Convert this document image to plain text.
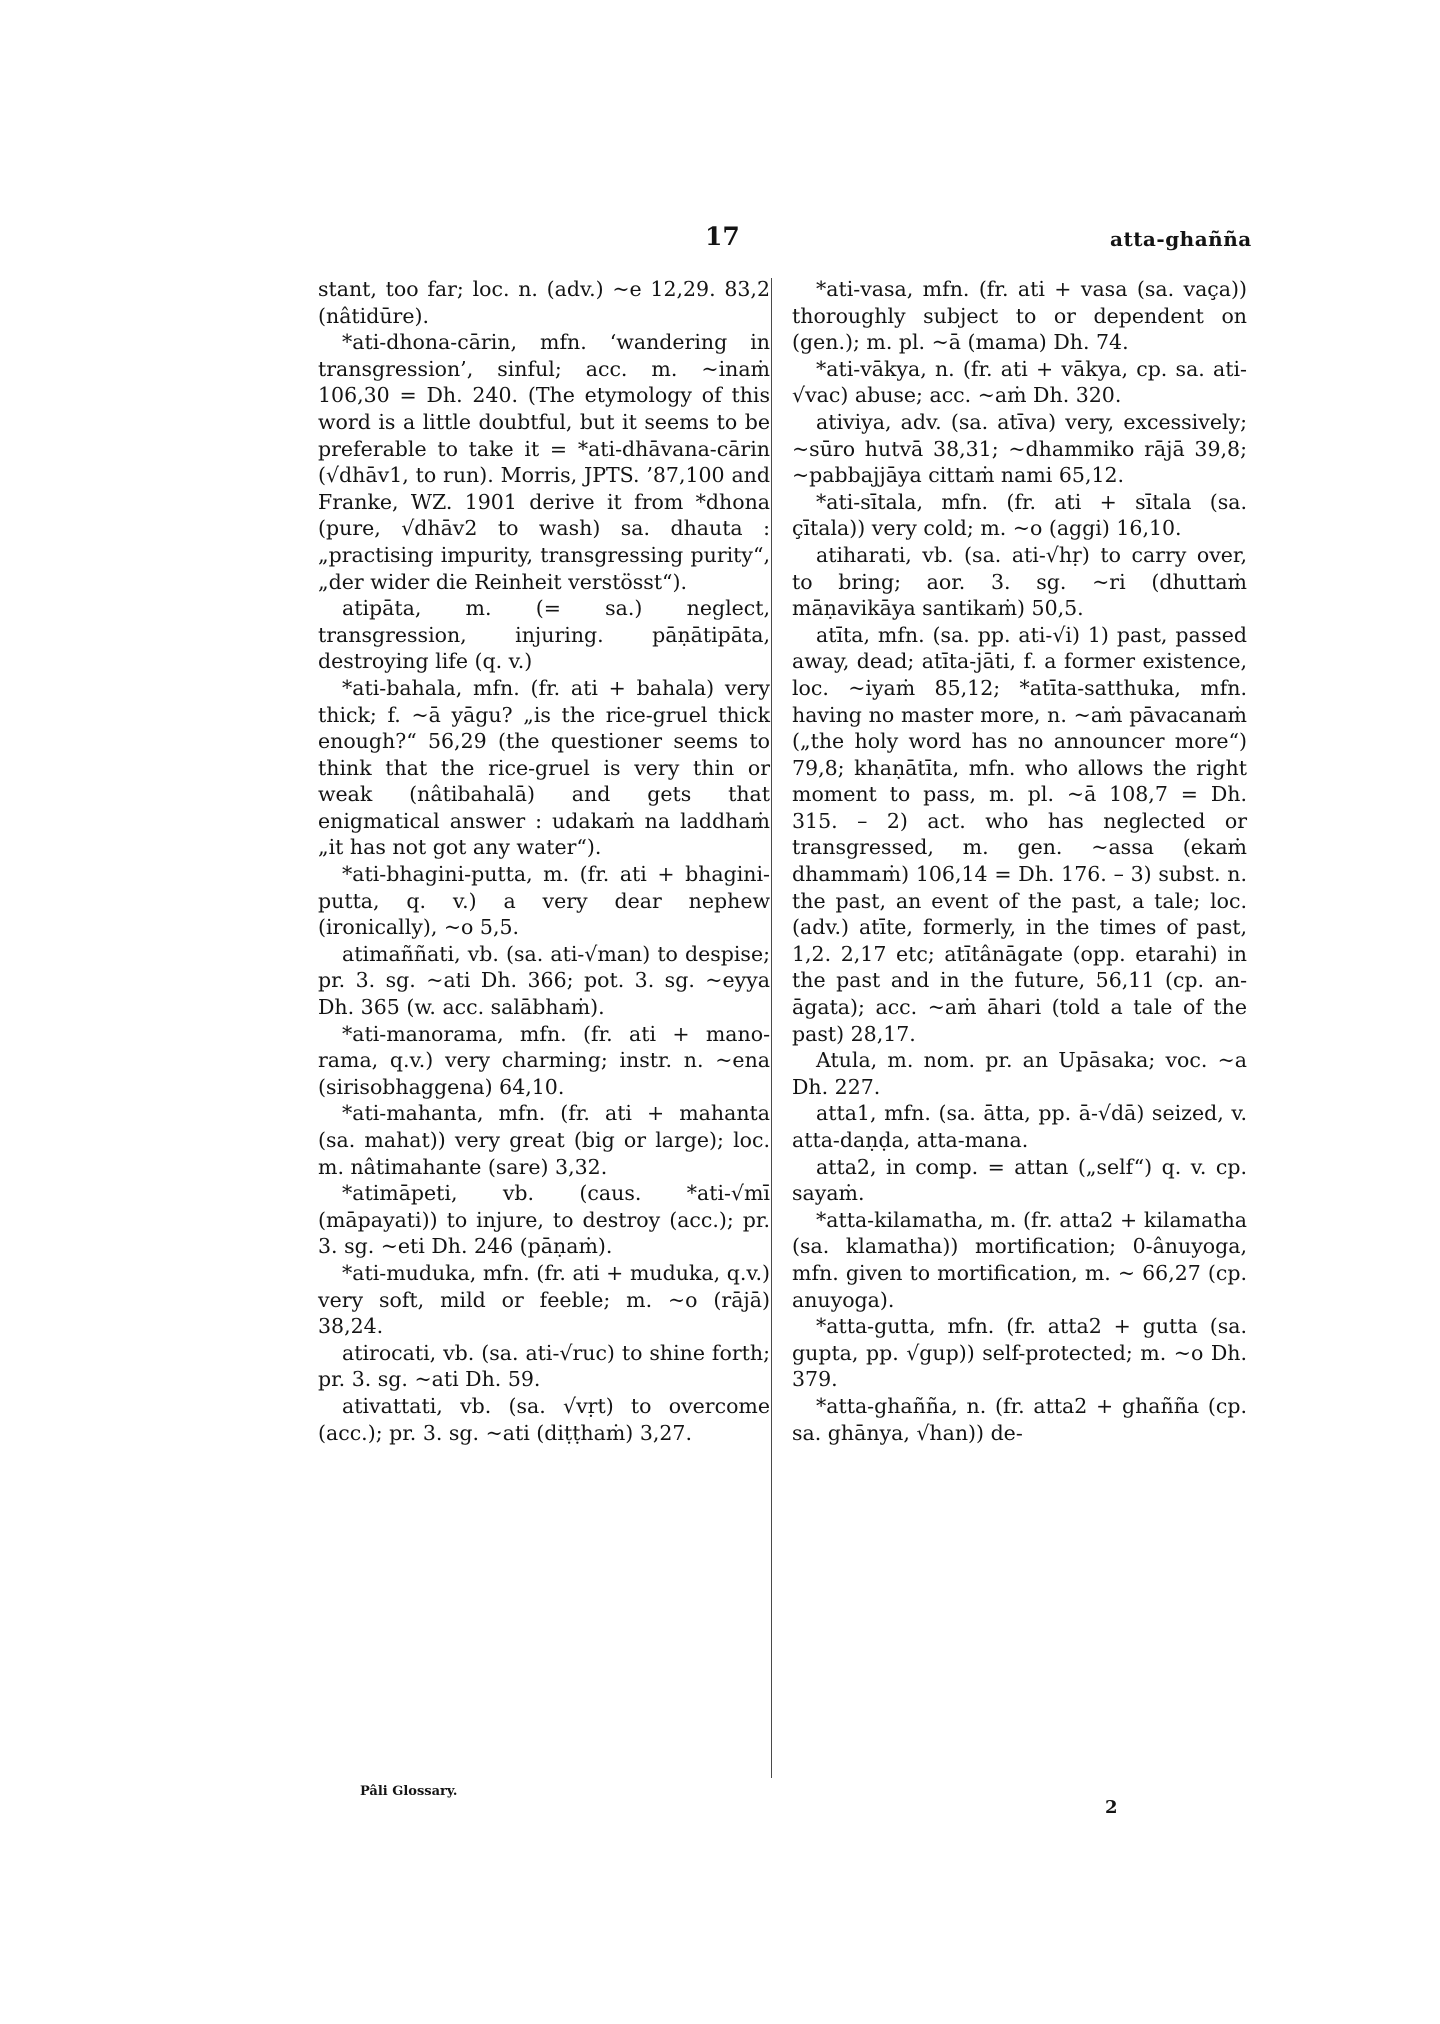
17	atta-ghañña

stant, too far; loc. n. (adv.) ~e 12,29. 83,2 (nâtidūre).

*ati-dhona-cārin, mfn. ‘wandering in transgression’, sinful; acc. m. ~inaṁ 106,30 = Dh. 240. (The etymology of this word is a little doubtful, but it seems to be preferable to take it = *ati-dhāvana-cārin (√dhāv1, to run). Morris, JPTS. ’87,100 and Franke, WZ. 1901 derive it from *dhona (pure, √dhāv2 to wash) sa. dhauta : „practising impurity, transgressing purity“, „der wider die Reinheit verstösst“).

atipāta, m. (= sa.) neglect, transgression, injuring. pāṇātipāta, destroying life (q. v.)

*ati-bahala, mfn. (fr. ati + bahala) very thick; f. ~ā yāgu? „is the rice-gruel thick enough?“ 56,29 (the questioner seems to think that the rice-gruel is very thin or weak (nâtibahalā) and gets that enigmatical answer : udakaṁ na laddhaṁ „it has not got any water“).

*ati-bhagini-putta, m. (fr. ati + bhagini-putta, q. v.) a very dear nephew (ironically), ~o 5,5.

atimaññati, vb. (sa. ati-√man) to despise; pr. 3. sg. ~ati Dh. 366; pot. 3. sg. ~eyya Dh. 365 (w. acc. salābhaṁ).

*ati-manorama, mfn. (fr. ati + mano-rama, q.v.) very charming; instr. n. ~ena (sirisobhaggena) 64,10.

*ati-mahanta, mfn. (fr. ati + mahanta (sa. mahat)) very great (big or large); loc. m. nâtimahante (sare) 3,32.

*atimāpeti, vb. (caus. *ati-√mī (māpayati)) to injure, to destroy (acc.); pr. 3. sg. ~eti Dh. 246 (pāṇaṁ).

*ati-muduka, mfn. (fr. ati + muduka, q.v.) very soft, mild or feeble; m. ~o (rājā) 38,24.

atirocati, vb. (sa. ati-√ruc) to shine forth; pr. 3. sg. ~ati Dh. 59.

ativattati, vb. (sa. √vṛt) to overcome (acc.); pr. 3. sg. ~ati (diṭṭhaṁ) 3,27.

*ati-vasa, mfn. (fr. ati + vasa (sa. vaça)) thoroughly subject to or dependent on (gen.); m. pl. ~ā (mama) Dh. 74.

*ati-vākya, n. (fr. ati + vākya, cp. sa. ati-√vac) abuse; acc. ~aṁ Dh. 320.

ativiya, adv. (sa. atīva) very, excessively; ~sūro hutvā 38,31; ~dhammiko rājā 39,8; ~pabbajjāya cittaṁ nami 65,12.

*ati-sītala, mfn. (fr. ati + sītala (sa. çītala)) very cold; m. ~o (aggi) 16,10.

atiharati, vb. (sa. ati-√hṛ) to carry over, to bring; aor. 3. sg. ~ri (dhuttaṁ māṇavikāya santikaṁ) 50,5.

atīta, mfn. (sa. pp. ati-√i) 1) past, passed away, dead; atīta-jāti, f. a former existence, loc. ~iyaṁ 85,12; *atīta-satthuka, mfn. having no master more, n. ~aṁ pāvacanaṁ („the holy word has no announcer more“) 79,8; khaṇātīta, mfn. who allows the right moment to pass, m. pl. ~ā 108,7 = Dh. 315. – 2) act. who has neglected or transgressed, m. gen. ~assa (ekaṁ dhammaṁ) 106,14 = Dh. 176. – 3) subst. n. the past, an event of the past, a tale; loc. (adv.) atīte, formerly, in the times of past, 1,2. 2,17 etc; atītânāgate (opp. etarahi) in the past and in the future, 56,11 (cp. an-āgata); acc. ~aṁ āhari (told a tale of the past) 28,17.

Atula, m. nom. pr. an Upāsaka; voc. ~a Dh. 227.

atta1, mfn. (sa. ātta, pp. ā-√dā) seized, v. atta-daṇḍa, atta-mana.

atta2, in comp. = attan („self“) q. v. cp. sayaṁ.

*atta-kilamatha, m. (fr. atta2 + kilamatha (sa. klamatha)) mortification; 0-ânuyoga, mfn. given to mortification, m. ~ 66,27 (cp. anuyoga).

*atta-gutta, mfn. (fr. atta2 + gutta (sa. gupta, pp. √gup)) self-protected; m. ~o Dh. 379.

*atta-ghañña, n. (fr. atta2 + ghañña (cp. sa. ghānya, √han)) de-

Pâli Glossary.
2
